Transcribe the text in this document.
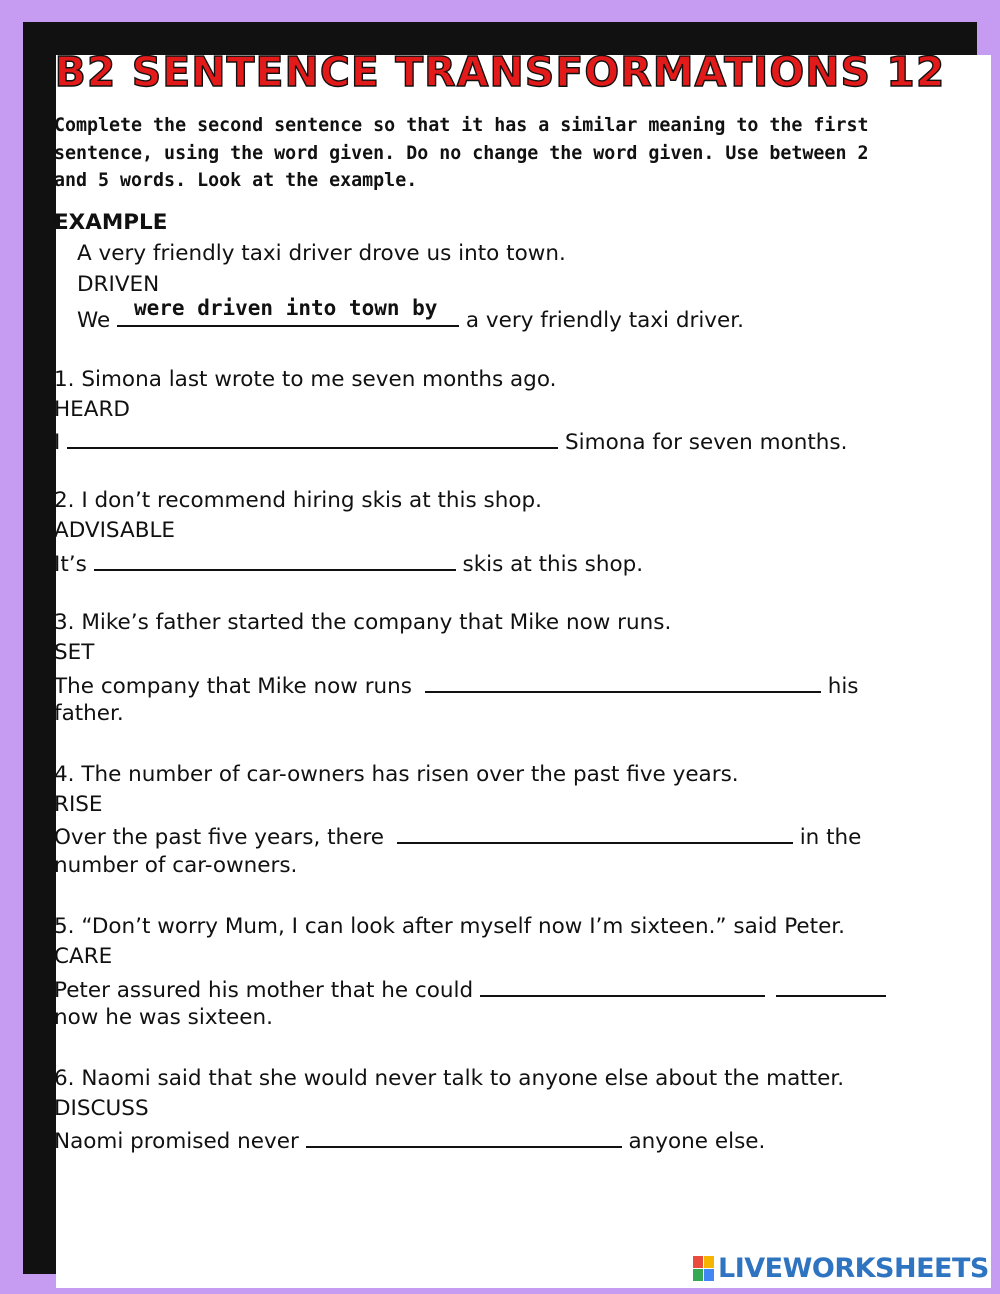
B2 SENTENCE TRANSFORMATIONS 12
Complete the second sentence so that it has a similar meaning to the first
sentence, using the word given. Do no change the word given. Use between 2
and 5 words. Look at the example.
EXAMPLE
A very friendly taxi driver drove us into town.
DRIVEN
We	a very friendly taxi driver.
were driven into town by
1. Simona last wrote to me seven months ago.
HEARD
I	Simona for seven months.
2. I don’t recommend hiring skis at this shop.
ADVISABLE
It’s	skis at this shop.
3. Mike’s father started the company that Mike now runs.
SET
The company that Mike now runs	his
father.
4. The number of car-owners has risen over the past five years.
RISE
Over the past five years, there	in the
number of car-owners.
5. “Don’t worry Mum, I can look after myself now I’m sixteen.” said Peter.
CARE
Peter assured his mother that he could
now he was sixteen.
6. Naomi said that she would never talk to anyone else about the matter.
DISCUSS
Naomi promised never	anyone else.
LIVEWORKSHEETS
